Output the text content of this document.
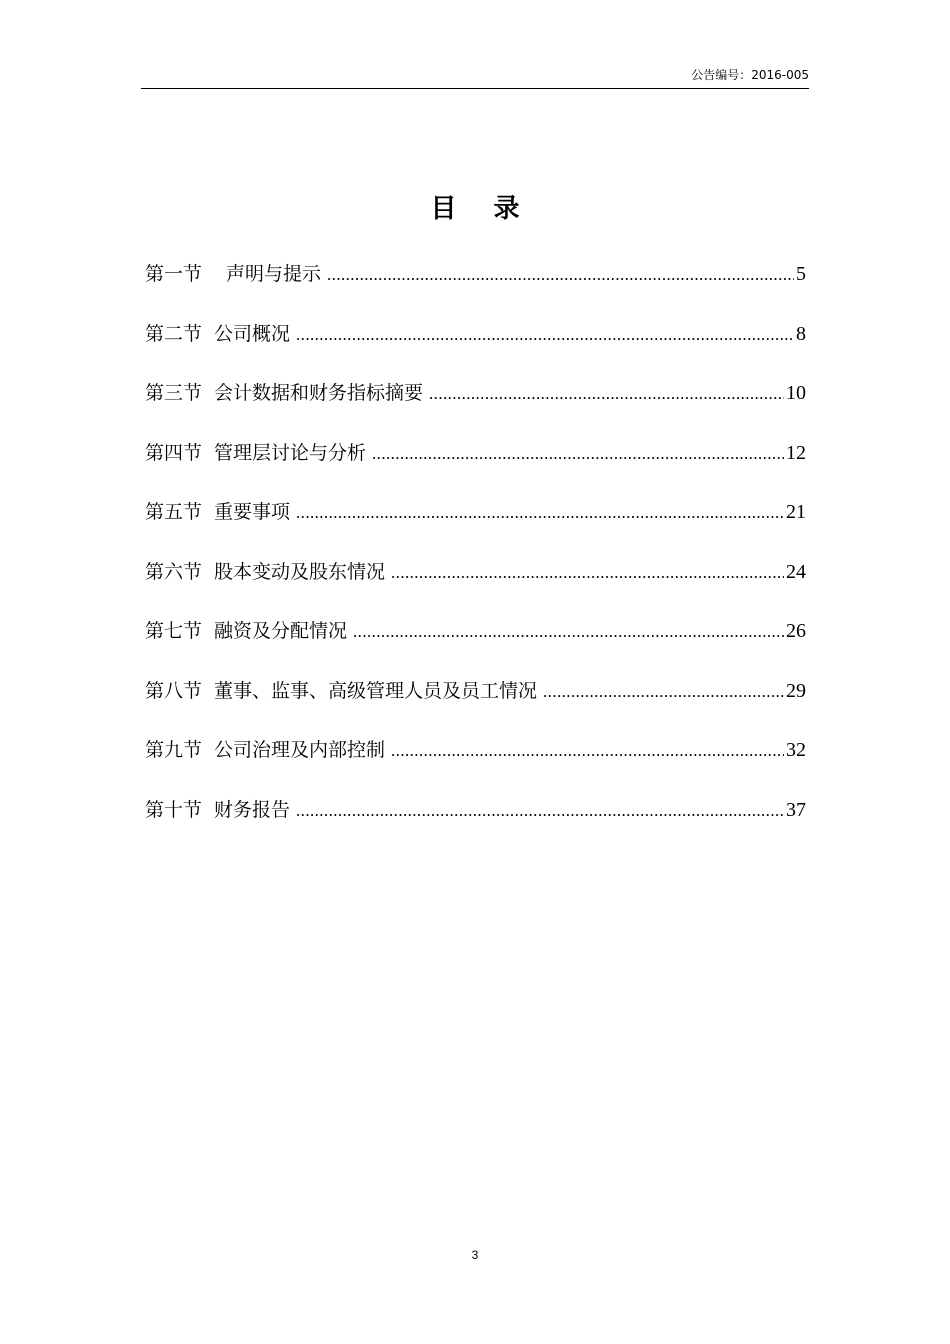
公告编号：2016-005
目 录
第一节 声明与提示 .....	5
第二节 公司概况 .....	8
第三节 会计数据和财务指标摘要 .....	10
第四节 管理层讨论与分析 .....	12
第五节 重要事项 .....	21
第六节 股本变动及股东情况 .....	24
第七节 融资及分配情况 .....	26
第八节 董事、监事、高级管理人员及员工情况 .....	29
第九节 公司治理及内部控制 .....	32
第十节 财务报告 .....	37
3
